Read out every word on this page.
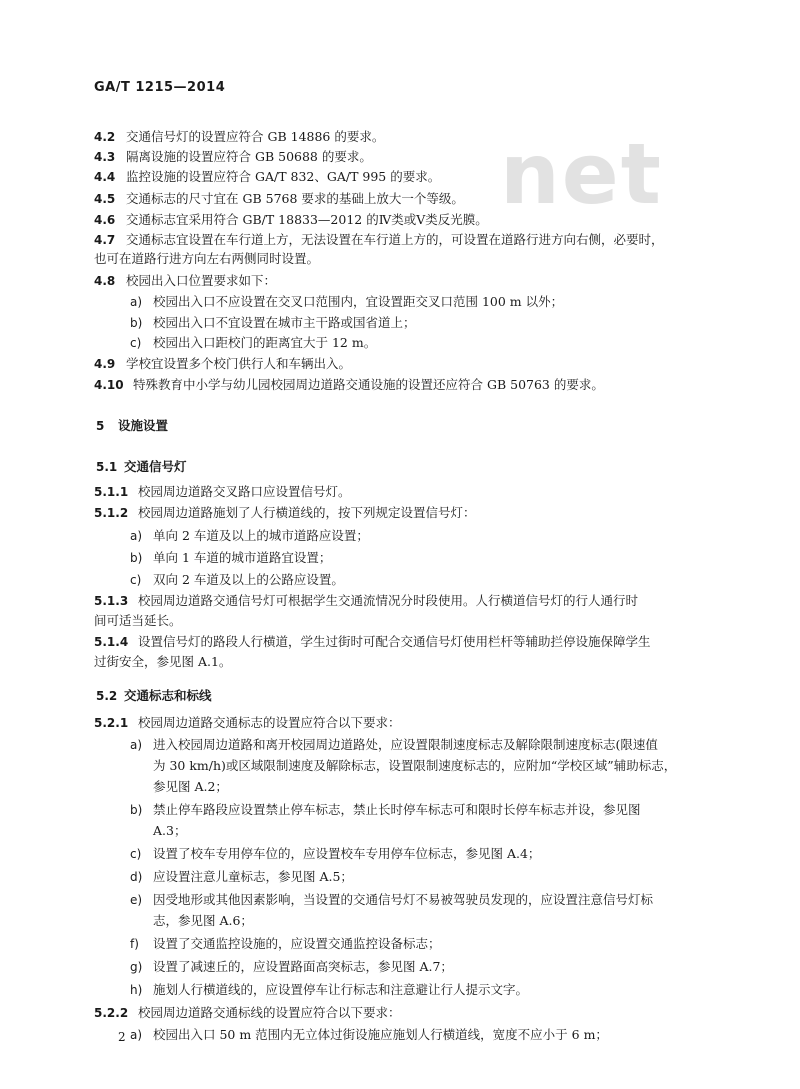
net
GA/T 1215—2014
4.2 交通信号灯的设置应符合 GB 14886 的要求。
4.3 隔离设施的设置应符合 GB 50688 的要求。
4.4 监控设施的设置应符合 GA/T 832、GA/T 995 的要求。
4.5 交通标志的尺寸宜在 GB 5768 要求的基础上放大一个等级。
4.6 交通标志宜采用符合 GB/T 18833—2012 的Ⅳ类或Ⅴ类反光膜。
4.7 交通标志宜设置在车行道上方，无法设置在车行道上方的，可设置在道路行进方向右侧，必要时，
也可在道路行进方向左右两侧同时设置。
4.8 校园出入口位置要求如下：
a) 校园出入口不应设置在交叉口范围内，宜设置距交叉口范围 100 m 以外；
b) 校园出入口不宜设置在城市主干路或国省道上；
c) 校园出入口距校门的距离宜大于 12 m。
4.9 学校宜设置多个校门供行人和车辆出入。
4.10 特殊教育中小学与幼儿园校园周边道路交通设施的设置还应符合 GB 50763 的要求。
5 设施设置
5.1 交通信号灯
5.1.1 校园周边道路交叉路口应设置信号灯。
5.1.2 校园周边道路施划了人行横道线的，按下列规定设置信号灯：
a) 单向 2 车道及以上的城市道路应设置；
b) 单向 1 车道的城市道路宜设置；
c) 双向 2 车道及以上的公路应设置。
5.1.3 校园周边道路交通信号灯可根据学生交通流情况分时段使用。人行横道信号灯的行人通行时
间可适当延长。
5.1.4 设置信号灯的路段人行横道，学生过街时可配合交通信号灯使用栏杆等辅助拦停设施保障学生
过街安全，参见图 A.1。
5.2 交通标志和标线
5.2.1 校园周边道路交通标志的设置应符合以下要求：
a) 进入校园周边道路和离开校园周边道路处，应设置限制速度标志及解除限制速度标志(限速值
为 30 km/h)或区域限制速度及解除标志，设置限制速度标志的，应附加“学校区域”辅助标志，
参见图 A.2；
b) 禁止停车路段应设置禁止停车标志，禁止长时停车标志可和限时长停车标志并设，参见图
A.3；
c) 设置了校车专用停车位的，应设置校车专用停车位标志，参见图 A.4；
d) 应设置注意儿童标志，参见图 A.5；
e) 因受地形或其他因素影响，当设置的交通信号灯不易被驾驶员发现的，应设置注意信号灯标
志，参见图 A.6；
f) 设置了交通监控设施的，应设置交通监控设备标志；
g) 设置了减速丘的，应设置路面高突标志，参见图 A.7；
h) 施划人行横道线的，应设置停车让行标志和注意避让行人提示文字。
5.2.2 校园周边道路交通标线的设置应符合以下要求：
a) 校园出入口 50 m 范围内无立体过街设施应施划人行横道线，宽度不应小于 6 m；
2
